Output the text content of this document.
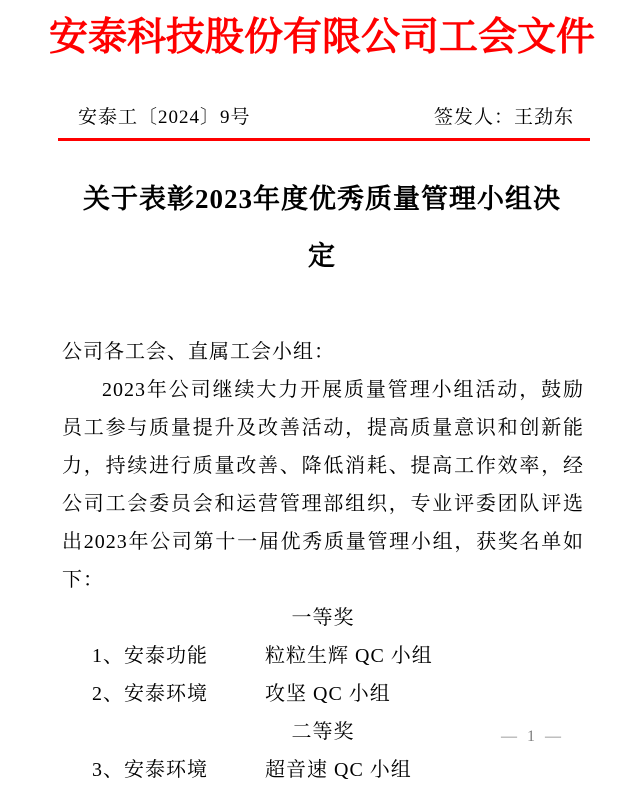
安泰科技股份有限公司工会文件
安泰工〔2024〕9号	签发人：王劲东
关于表彰2023年度优秀质量管理小组决
定
公司各工会、直属工会小组：
2023年公司继续大力开展质量管理小组活动，鼓励员工参与质量提升及改善活动，提高质量意识和创新能力，持续进行质量改善、降低消耗、提高工作效率，经公司工会委员会和运营管理部组织，专业评委团队评选出2023年公司第十一届优秀质量管理小组，获奖名单如下：
一等奖
1、安泰功能	粒粒生辉 QC 小组
2、安泰环境	攻坚 QC 小组
二等奖
3、安泰环境	超音速 QC 小组
— 1 —
